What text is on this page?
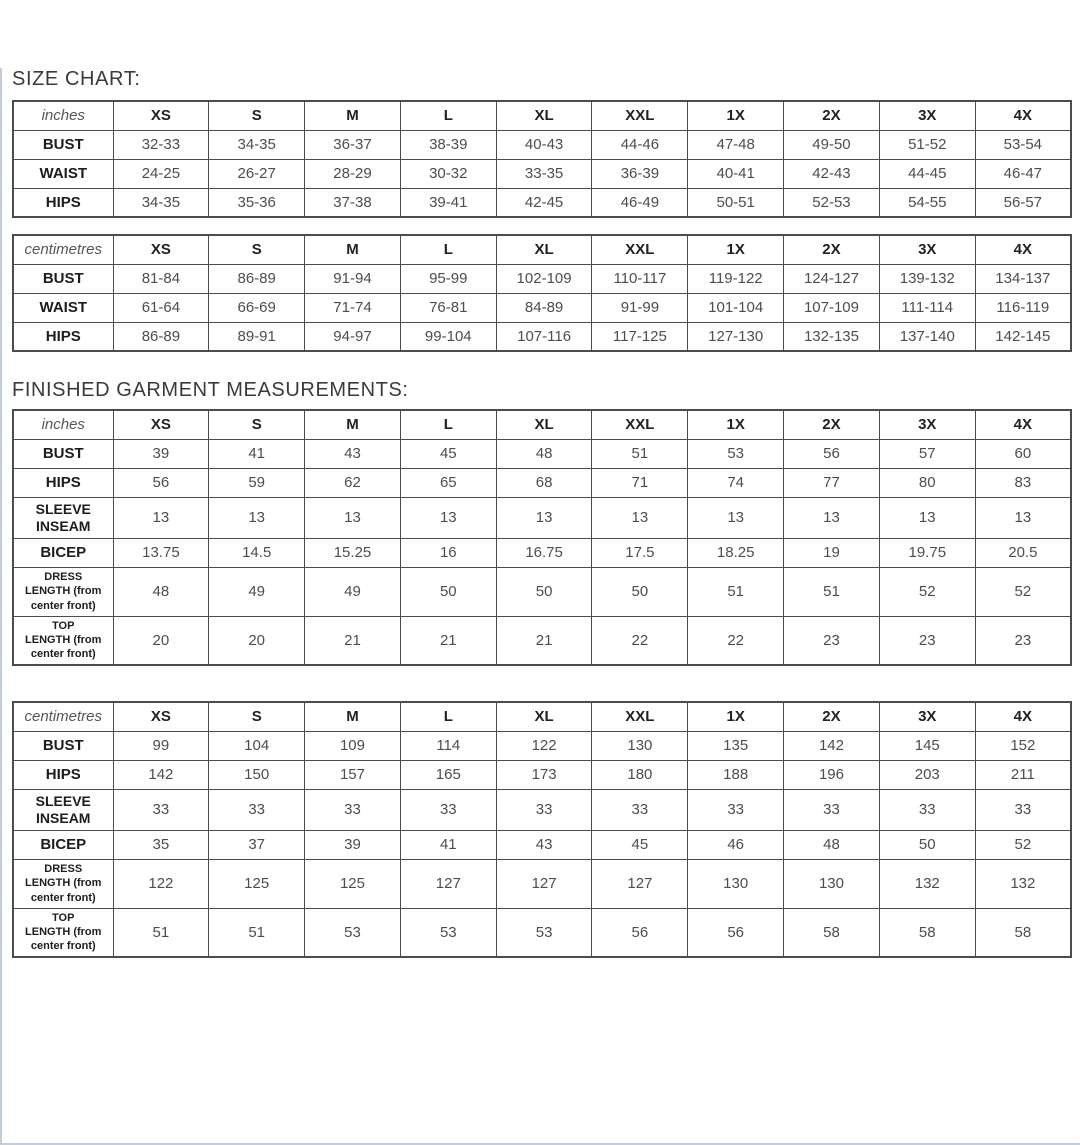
SIZE CHART:
inches	XS	S	M	L	XL	XXL	1X	2X	3X	4X
BUST	32-33	34-35	36-37	38-39	40-43	44-46	47-48	49-50	51-52	53-54
WAIST	24-25	26-27	28-29	30-32	33-35	36-39	40-41	42-43	44-45	46-47
HIPS	34-35	35-36	37-38	39-41	42-45	46-49	50-51	52-53	54-55	56-57
centimetres	XS	S	M	L	XL	XXL	1X	2X	3X	4X
BUST	81-84	86-89	91-94	95-99	102-109	110-117	119-122	124-127	139-132	134-137
WAIST	61-64	66-69	71-74	76-81	84-89	91-99	101-104	107-109	111-114	116-119
HIPS	86-89	89-91	94-97	99-104	107-116	117-125	127-130	132-135	137-140	142-145
FINISHED GARMENT MEASUREMENTS:
inches	XS	S	M	L	XL	XXL	1X	2X	3X	4X
BUST	39	41	43	45	48	51	53	56	57	60
HIPS	56	59	62	65	68	71	74	77	80	83
SLEEVE
INSEAM	13	13	13	13	13	13	13	13	13	13
BICEP	13.75	14.5	15.25	16	16.75	17.5	18.25	19	19.75	20.5
DRESS
LENGTH (from
center front)	48	49	49	50	50	50	51	51	52	52
TOP
LENGTH (from
center front)	20	20	21	21	21	22	22	23	23	23
centimetres	XS	S	M	L	XL	XXL	1X	2X	3X	4X
BUST	99	104	109	114	122	130	135	142	145	152
HIPS	142	150	157	165	173	180	188	196	203	211
SLEEVE
INSEAM	33	33	33	33	33	33	33	33	33	33
BICEP	35	37	39	41	43	45	46	48	50	52
DRESS
LENGTH (from
center front)	122	125	125	127	127	127	130	130	132	132
TOP
LENGTH (from
center front)	51	51	53	53	53	56	56	58	58	58
